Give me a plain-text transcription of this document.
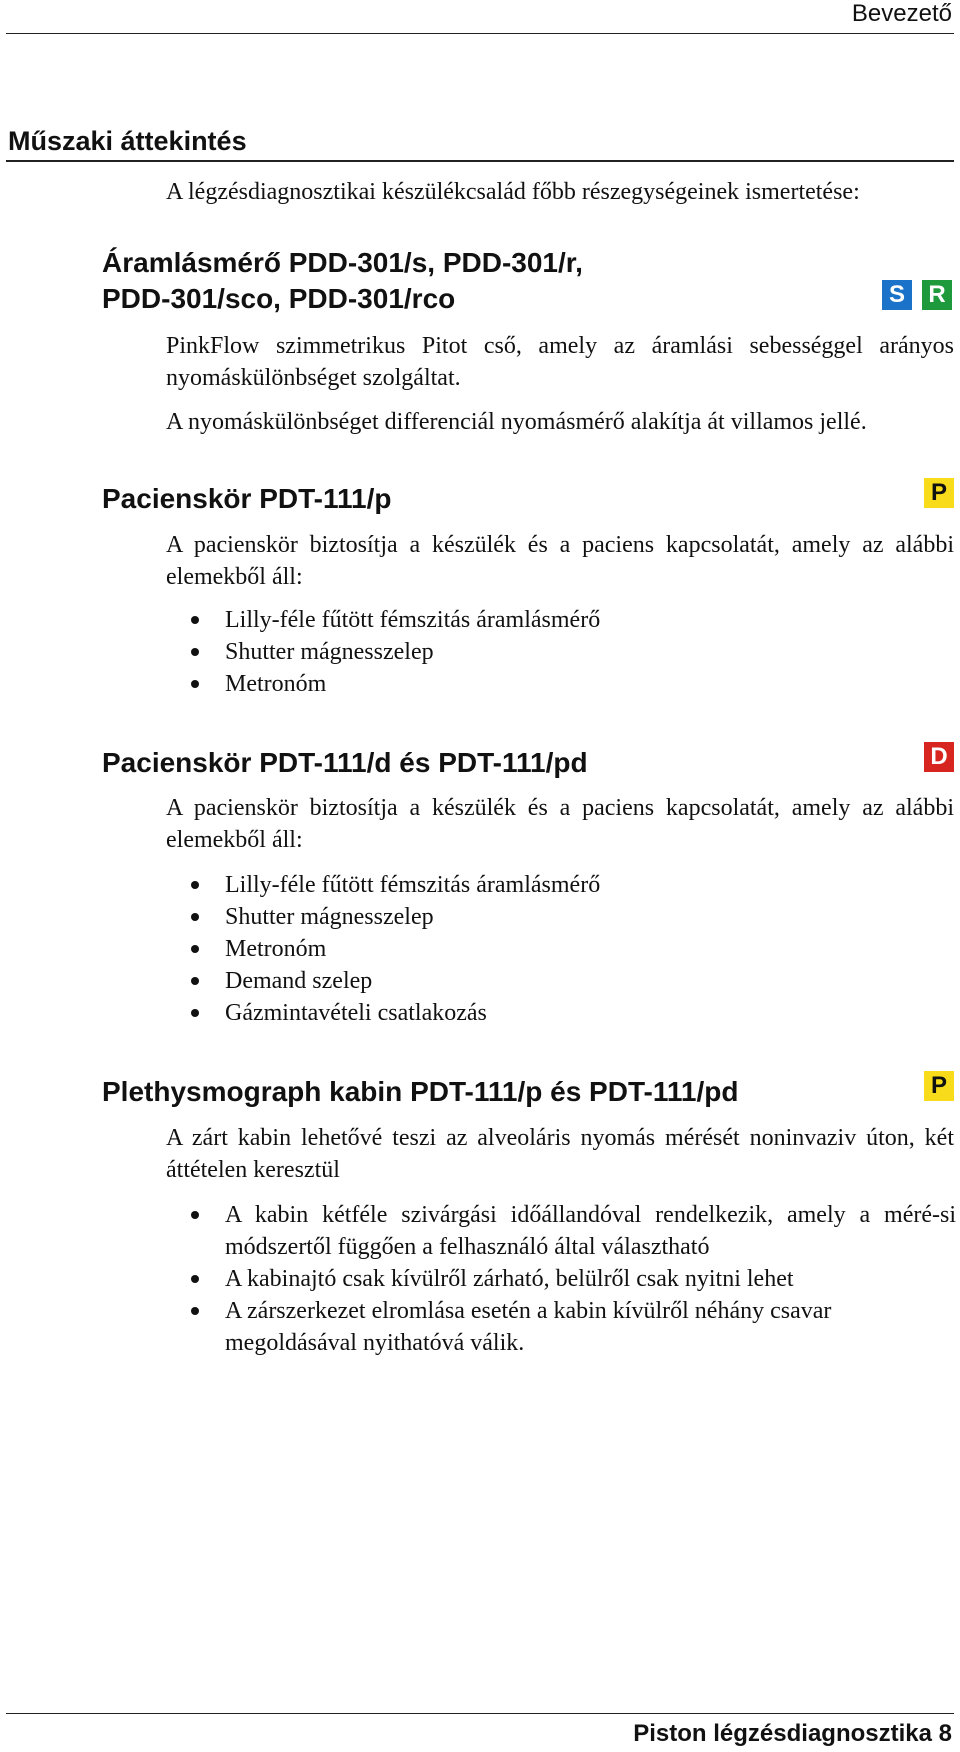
Bevezető
Műszaki áttekintés
A légzésdiagnosztikai készülékcsalád főbb részegységeinek ismertetése:
Áramlásmérő PDD-301/s, PDD-301/r,
PDD-301/sco, PDD-301/rco	S R
PinkFlow szimmetrikus Pitot cső, amely az áramlási sebességgel arányos nyomáskülönbséget szolgáltat.
A nyomáskülönbséget differenciál nyomásmérő alakítja át villamos jellé.
Pacienskör PDT-111/p	P
A pacienskör biztosítja a készülék és a paciens kapcsolatát, amely az alábbi elemekből áll:
Lilly-féle fűtött fémszitás áramlásmérő
Shutter mágnesszelep
Metronóm
Pacienskör PDT-111/d és PDT-111/pd	D
A pacienskör biztosítja a készülék és a paciens kapcsolatát, amely az alábbi elemekből áll:
Lilly-féle fűtött fémszitás áramlásmérő
Shutter mágnesszelep
Metronóm
Demand szelep
Gázmintavételi csatlakozás
Plethysmograph kabin PDT-111/p és PDT-111/pd	P
A zárt kabin lehetővé teszi az alveoláris nyomás mérését noninvaziv úton, két áttételen keresztül
A kabin kétféle szivárgási időállandóval rendelkezik, amely a méré-si módszertől függően a felhasználó által választható
A kabinajtó csak kívülről zárható, belülről csak nyitni lehet
A zárszerkezet elromlása esetén a kabin kívülről néhány csavar megoldásával nyithatóvá válik.
Piston légzésdiagnosztika 8
